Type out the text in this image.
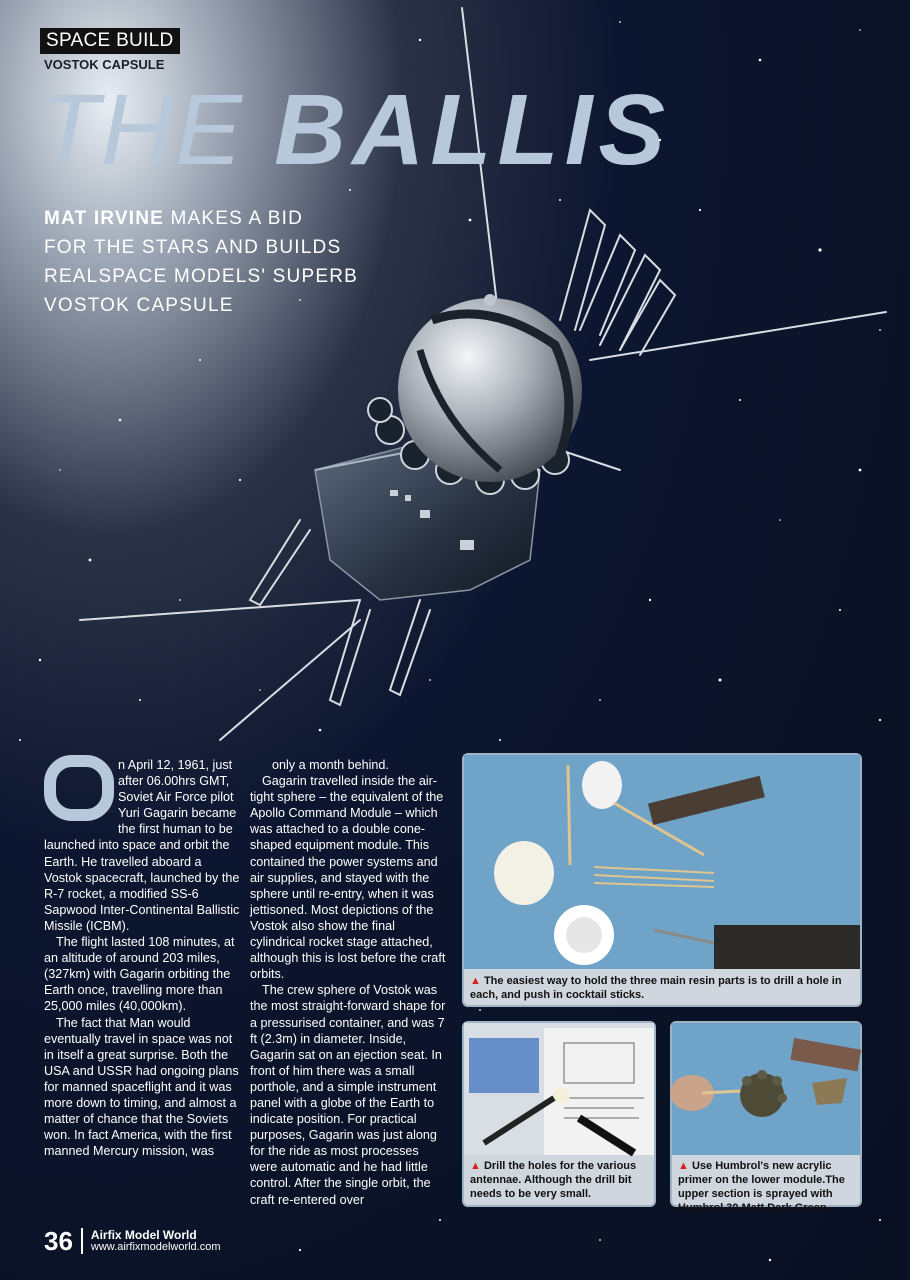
SPACE BUILD
VOSTOK CAPSULE
THE BALLIS
MAT IRVINE MAKES A BID
FOR THE STARS AND BUILDS
REALSPACE MODELS' SUPERB
VOSTOK CAPSULE

n April 12, 1961, just after 06.00hrs GMT, Soviet Air Force pilot Yuri Gagarin became the first human to be launched into space and orbit the Earth. He travelled aboard a Vostok spacecraft, launched by the R-7 rocket, a modified SS-6 Sapwood Inter-Continental Ballistic Missile (ICBM).

The flight lasted 108 minutes, at an altitude of around 203 miles, (327km) with Gagarin orbiting the Earth once, travelling more than 25,000 miles (40,000km).

The fact that Man would eventually travel in space was not in itself a great surprise. Both the USA and USSR had ongoing plans for manned spaceflight and it was more down to timing, and almost a matter of chance that the Soviets won. In fact America, with the first manned Mercury mission, was

only a month behind.

Gagarin travelled inside the air-tight sphere – the equivalent of the Apollo Command Module – which was attached to a double cone-shaped equipment module. This contained the power systems and air supplies, and stayed with the sphere until re-entry, when it was jettisoned. Most depictions of the Vostok also show the final cylindrical rocket stage attached, although this is lost before the craft orbits.

The crew sphere of Vostok was the most straight-forward shape for a pressurised container, and was 7 ft (2.3m) in diameter. Inside, Gagarin sat on an ejection seat. In front of him there was a small porthole, and a simple instrument panel with a globe of the Earth to indicate position. For practical purposes, Gagarin was just along for the ride as most processes were automatic and he had little control. After the single orbit, the craft re-entered over

▲ The easiest way to hold the three main resin parts is to drill a hole in each, and push in cocktail sticks.
▲ Drill the holes for the various antennae. Although the drill bit needs to be very small.
▲ Use Humbrol's new acrylic primer on the lower module.The upper section is sprayed with Humbrol 30 Matt Dark Green.
36	Airfix Model World
www.airfixmodelworld.com
